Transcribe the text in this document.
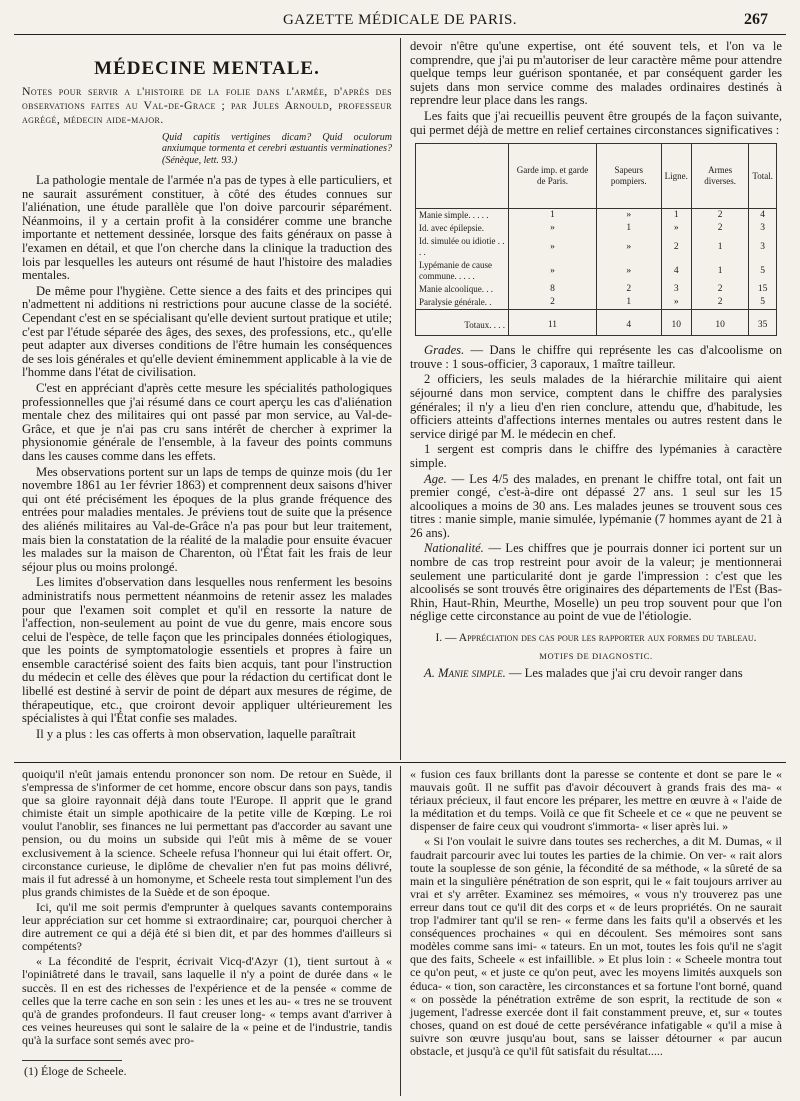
GAZETTE MÉDICALE DE PARIS.	267
MÉDECINE MENTALE.
Notes pour servir a l'histoire de la folie dans l'armée, d'après des observations faites au Val-de-Grace ; par Jules Arnould, professeur agrégé, médecin aide-major.
Quid capitis vertigines dicam? Quid oculorum anxiumque tormenta et cerebri æstuantis verminationes? (Sénèque, lett. 93.)

La pathologie mentale de l'armée n'a pas de types à elle particuliers, et ne saurait assurément constituer, à côté des études connues sur l'aliénation, une étude parallèle que l'on doive parcourir séparément. Néanmoins, il y a certain profit à la considérer comme une branche importante et nettement dessinée, lorsque des faits généraux on passe à l'examen en détail, et que l'on cherche dans la clinique la traduction des lois par lesquelles les auteurs ont résumé de haut l'histoire des maladies mentales.

De même pour l'hygiène. Cette sience a des faits et des principes qui n'admettent ni additions ni restrictions pour aucune classe de la société. Cependant c'est en se spécialisant qu'elle devient surtout pratique et utile; c'est par l'étude séparée des âges, des sexes, des professions, etc., qu'elle peut adapter aux diverses conditions de l'être humain les conséquences de ses lois générales et qu'elle devient éminemment applicable à la vie de l'homme dans l'état de civilisation.

C'est en appréciant d'après cette mesure les spécialités pathologiques professionnelles que j'ai résumé dans ce court aperçu les cas d'aliénation mentale chez des militaires qui ont passé par mon service, au Val-de-Grâce, et que je n'ai pas cru sans intérêt de chercher à exprimer la physionomie générale de l'ensemble, à la faveur des points communs dans les causes comme dans les effets.

Mes observations portent sur un laps de temps de quinze mois (du 1er novembre 1861 au 1er février 1863) et comprennent deux saisons d'hiver qui ont été précisément les époques de la plus grande fréquence des entrées pour maladies mentales. Je préviens tout de suite que la présence des aliénés militaires au Val-de-Grâce n'a pas pour but leur traitement, mais bien la constatation de la réalité de la maladie pour ensuite évacuer les malades sur la maison de Charenton, où l'État fait les frais de leur séjour plus ou moins prolongé.

Les limites d'observation dans lesquelles nous renferment les besoins administratifs nous permettent néanmoins de retenir assez les malades pour que l'examen soit complet et qu'il en ressorte la nature de l'affection, non-seulement au point de vue du genre, mais encore sous celui de l'espèce, de telle façon que les principales données étiologiques, que les points de symptomatologie essentiels et propres à faire un ensemble caractérisé soient des faits bien acquis, tant pour l'instruction du médecin et celle des élèves que pour la rédaction du certificat dont le libellé est destiné à servir de point de départ aux mesures de régime, de thérapeutique, etc., que croiront devoir appliquer ultérieurement les spécialistes à qui l'État confie ses malades.

Il y a plus : les cas offerts à mon observation, laquelle paraîtrait

devoir n'être qu'une expertise, ont été souvent tels, et l'on va le comprendre, que j'ai pu m'autoriser de leur caractère même pour attendre quelque temps leur guérison spontanée, et par conséquent garder les sujets dans mon service comme des malades ordinaires destinés à reprendre leur place dans les rangs.

Les faits que j'ai recueillis peuvent être groupés de la façon suivante, qui permet déjà de mettre en relief certaines circonstances significatives :

	Garde imp. et garde de Paris.	Sapeurs pompiers.	Ligne.	Armes diverses.	Total.
Manie simple. . . . .	1	»	1	2	4
Id. avec épilepsie.	»	1	»	2	3
Id. simulée ou idiotie . . . .	»	»	2	1	3
Lypémanie de cause commune. . . . .	»	»	4	1	5
Manie alcoolique. . .	8	2	3	2	15
Paralysie générale. .	2	1	»	2	5
Totaux. . . .	11	4	10	10	35

Grades. — Dans le chiffre qui représente les cas d'alcoolisme on trouve : 1 sous-officier, 3 caporaux, 1 maître tailleur.

2 officiers, les seuls malades de la hiérarchie militaire qui aient séjourné dans mon service, comptent dans le chiffre des paralysies générales; il n'y a lieu d'en rien conclure, attendu que, d'habitude, les officiers atteints d'affections internes mentales ou autres restent dans le service dirigé par M. le médecin en chef.

1 sergent est compris dans le chiffre des lypémanies à caractère simple.

Age. — Les 4/5 des malades, en prenant le chiffre total, ont fait un premier congé, c'est-à-dire ont dépassé 27 ans. 1 seul sur les 15 alcooliques a moins de 30 ans. Les malades jeunes se trouvent sous ces titres : manie simple, manie simulée, lypémanie (7 hommes ayant de 21 à 26 ans).

Nationalité. — Les chiffres que je pourrais donner ici portent sur un nombre de cas trop restreint pour avoir de la valeur; je mentionnerai seulement une particularité dont je garde l'impression : c'est que les alcoolisés se sont trouvés être originaires des départements de l'Est (Bas-Rhin, Haut-Rhin, Meurthe, Moselle) un peu trop souvent pour que l'on néglige cette circonstance au point de vue de l'étiologie.

I. — Appréciation des cas pour les rapporter aux formes du tableau.
MOTIFS DE DIAGNOSTIC.

A. Manie simple. — Les malades que j'ai cru devoir ranger dans

quoiqu'il n'eût jamais entendu prononcer son nom. De retour en Suède, il s'empressa de s'informer de cet homme, encore obscur dans son pays, tandis que sa gloire rayonnait déjà dans toute l'Europe. Il apprit que le grand chimiste était un simple apothicaire de la petite ville de Kœping. Le roi voulut l'anoblir, ses finances ne lui permettant pas d'accorder au savant une pension, ou du moins un subside qui l'eût mis à même de se vouer exclusivement à la science. Scheele refusa l'honneur qui lui était offert. Or, circonstance curieuse, le diplôme de chevalier n'en fut pas moins délivré, mais il fut adressé à un homonyme, et Scheele resta tout simplement l'un des plus grands chimistes de la Suède et de son époque.

Ici, qu'il me soit permis d'emprunter à quelques savants contemporains leur appréciation sur cet homme si extraordinaire; car, pourquoi chercher à dire autrement ce qui a déjà été si bien dit, et par des hommes d'ailleurs si compétents?

« La fécondité de l'esprit, écrivait Vicq-d'Azyr (1), tient surtout à « l'opiniâtreté dans le travail, sans laquelle il n'y a point de durée dans « le succès. Il en est des richesses de l'expérience et de la pensée « comme de celles que la terre cache en son sein : les unes et les au- « tres ne se trouvent qu'à de grandes profondeurs. Il faut creuser long- « temps avant d'arriver à ces veines heureuses qui sont le salaire de la « peine et de l'industrie, tandis qu'à la surface sont semés avec pro-

(1) Éloge de Scheele.

« fusion ces faux brillants dont la paresse se contente et dont se pare le « mauvais goût. Il ne suffit pas d'avoir découvert à grands frais des ma- « tériaux précieux, il faut encore les préparer, les mettre en œuvre à « l'aide de la méditation et du temps. Voilà ce que fit Scheele et ce « que ne peuvent se dispenser de faire ceux qui voudront s'immorta- « liser après lui. »

« Si l'on voulait le suivre dans toutes ses recherches, a dit M. Dumas, « il faudrait parcourir avec lui toutes les parties de la chimie. On ver- « rait alors toute la souplesse de son génie, la fécondité de sa méthode, « la sûreté de sa main et la singulière pénétration de son esprit, qui le « fait toujours arriver au vrai et s'y arrêter. Examinez ses mémoires, « vous n'y trouverez pas une erreur dans tout ce qu'il dit des corps et « de leurs propriétés. On ne saurait trop l'admirer tant qu'il se ren- « ferme dans les faits qu'il a observés et les conséquences prochaines « qui en découlent. Ses mémoires sont sans modèles comme sans imi- « tateurs. En un mot, toutes les fois qu'il ne s'agit que des faits, Scheele « est infaillible. » Et plus loin : « Scheele montra tout ce qu'on peut, « et juste ce qu'on peut, avec les moyens limités auxquels son éduca- « tion, son caractère, les circonstances et sa fortune l'ont borné, quand « on possède la pénétration extrême de son esprit, la rectitude de son « jugement, l'adresse exercée dont il fait constamment preuve, et, sur « toutes choses, quand on est doué de cette persévérance infatigable « qu'il a mise à suivre son œuvre jusqu'au bout, sans se laisser détourner « par aucun obstacle, et jusqu'à ce qu'il fût satisfait du résultat.....
